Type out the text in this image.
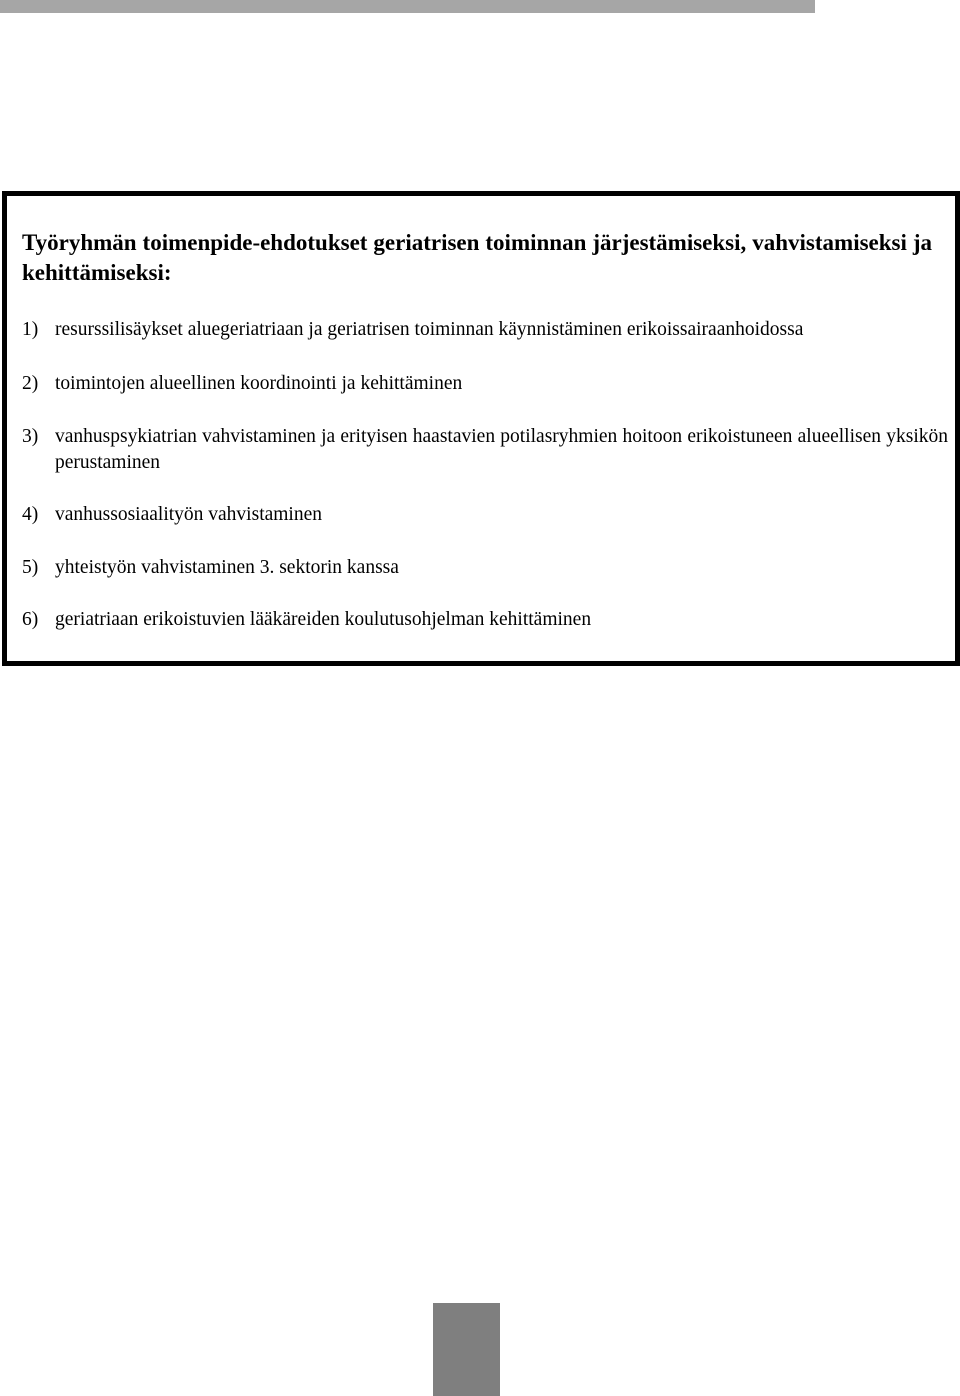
Työryhmän toimenpide-ehdotukset geriatrisen toiminnan järjestämiseksi, vahvistamiseksi ja kehittämiseksi:

1) resurssilisäykset aluegeriatriaan ja geriatrisen toiminnan käynnistäminen erikoissairaanhoidossa

2) toimintojen alueellinen koordinointi ja kehittäminen

3) vanhuspsykiatrian vahvistaminen ja erityisen haastavien potilasryhmien hoitoon erikoistuneen alueellisen yksikön perustaminen

4) vanhussosiaalityön vahvistaminen

5) yhteistyön vahvistaminen 3. sektorin kanssa

6) geriatriaan erikoistuvien lääkäreiden koulutusohjelman kehittäminen
